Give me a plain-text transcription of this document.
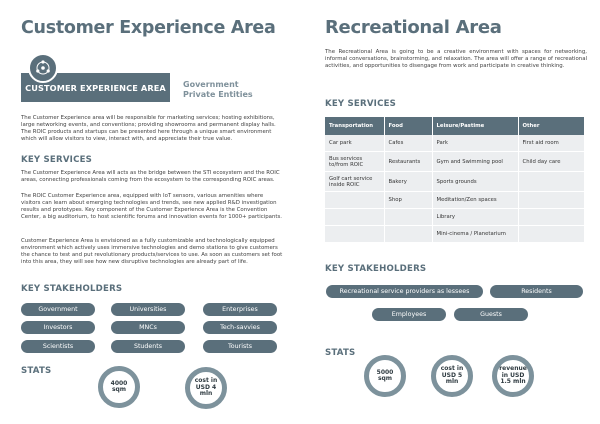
Customer Experience Area
CUSTOMER EXPERIENCE AREA	Government
Private Entities
The Customer Experience area will be responsible for marketing services; hosting exhibitions, large networking events, and conventions; providing showrooms and permanent display halls. The ROIC products and startups can be presented here through a unique smart environment which will allow visitors to view, interact with, and appreciate their true value.
KEY SERVICES
The Customer Experience Area will acts as the bridge between the STI ecosystem and the ROIC areas, connecting professionals coming from the ecosystem to the corresponding ROIC areas.
The ROIC Customer Experience area, equipped with IoT sensors, various amenities where visitors can learn about emerging technologies and trends, see new applied R&D investigation results and prototypes. Key component of the Customer Experience Area is the Convention Center, a big auditorium, to host scientific forums and innovation events for 1000+ participants.
Customer Experience Area is envisioned as a fully customizable and technologically equipped environment which actively uses immersive technologies and demo stations to give customers the chance to test and put revolutionary products/services to use. As soon as customers set foot into this area, they will see how new disruptive technologies are already part of life.
KEY STAKEHOLDERS
Government	Universities	Enterprises
Investors	MNCs	Tech-savvies
Scientists	Students	Tourists
STATS
4000 sqm
cost in USD 4 mln
Recreational Area
The Recreational Area is going to be a creative environment with spaces for networking, informal conversations, brainstorming, and relaxation. The area will offer a range of recreational activities, and opportunities to disengage from work and participate in creative thinking.
KEY SERVICES
Transportation	Food	Leisure/Pastime	Other
Car park	Cafes	Park	First aid room
Bus services to/from ROIC	Restaurants	Gym and Swimming pool	Child day care
Golf cart service inside ROIC	Bakery	Sports grounds	
	Shop	Meditation/Zen spaces	
		Library	
		Mini-cinema / Planetarium	
KEY STAKEHOLDERS
Recreational service providers as lessees	Residents
Employees	Guests
STATS
5000 sqm
cost in USD 5 mln
revenue in USD 1.5 mln
